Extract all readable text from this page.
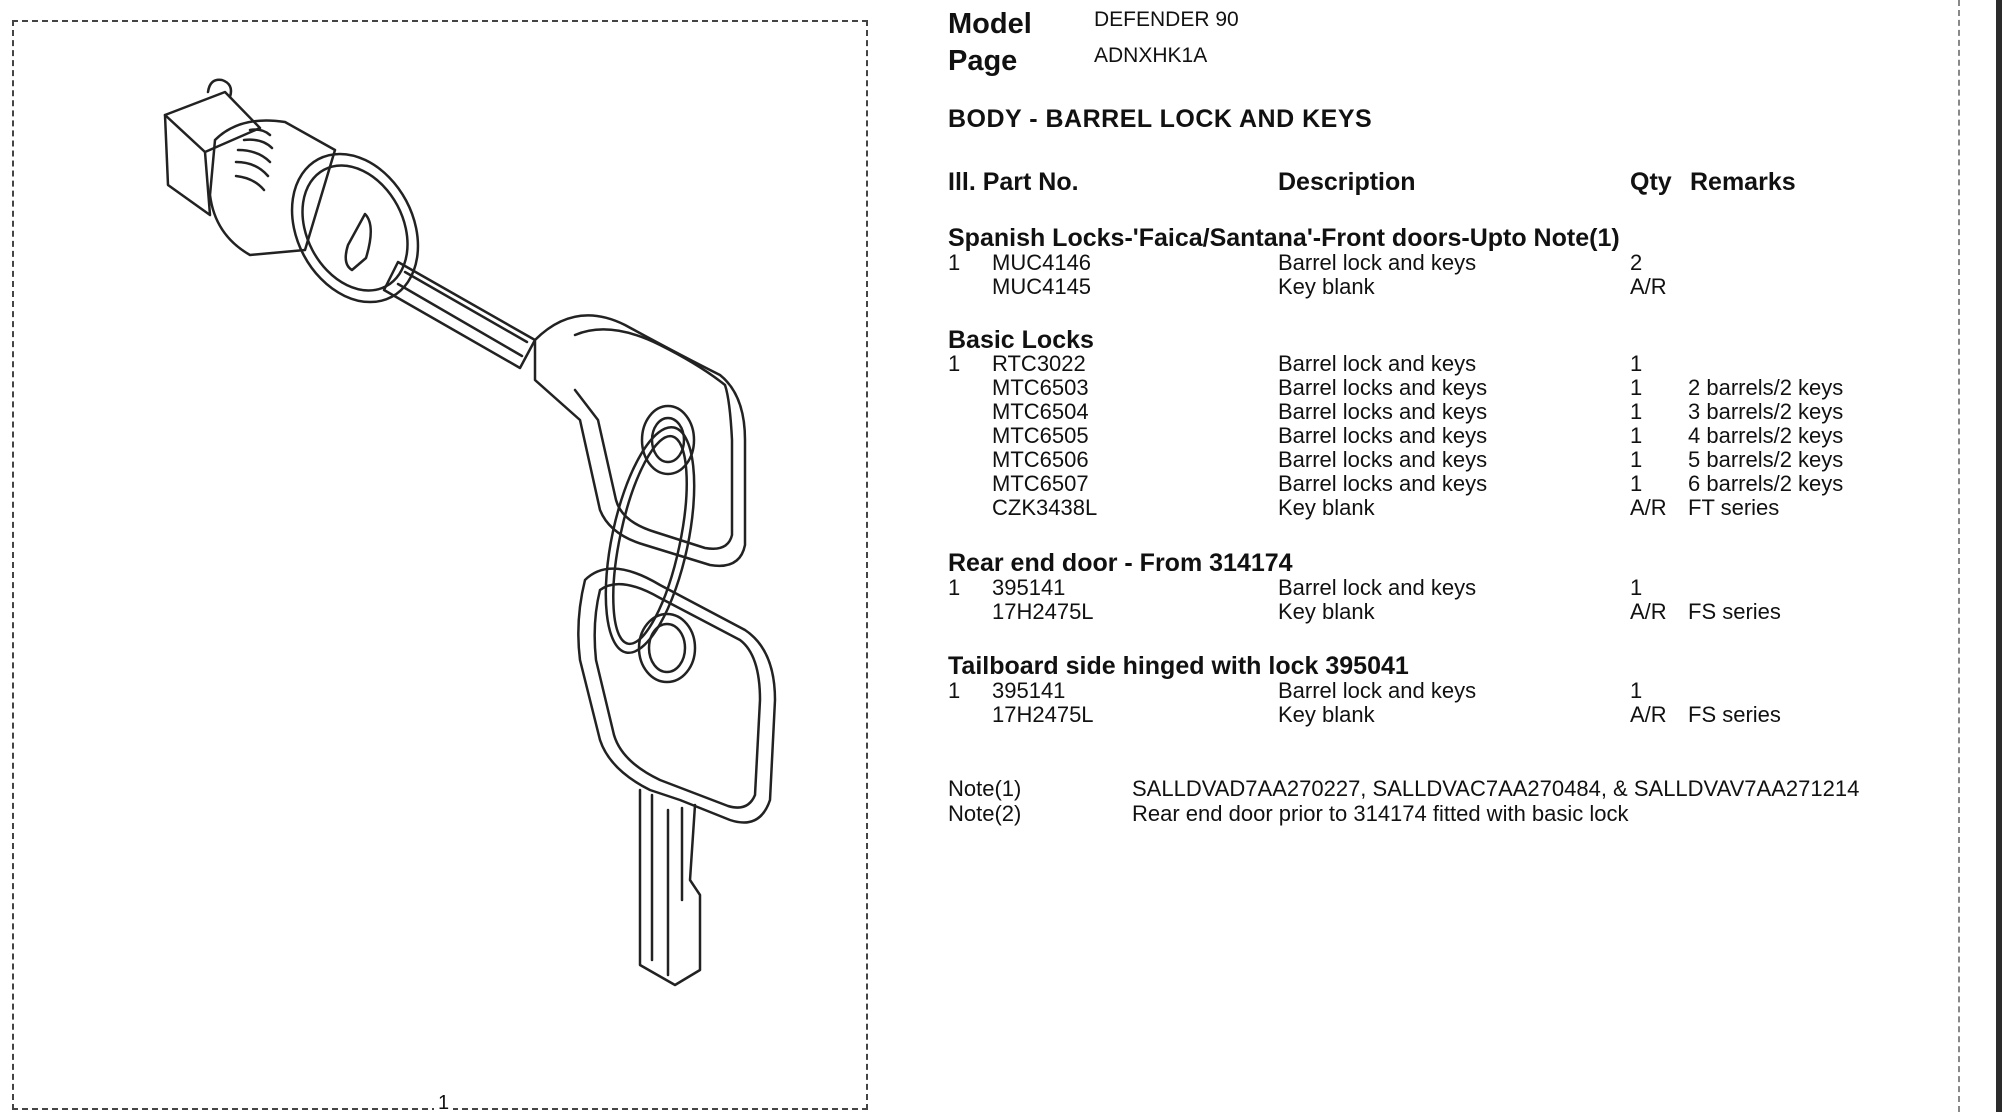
1
Model	DEFENDER 90
Page	ADNXHK1A
BODY - BARREL LOCK AND KEYS
Ill. Part No.	Description	Qty Remarks
Spanish Locks-'Faica/Santana'-Front doors-Upto Note(1)
1 MUC4146	Barrel lock and keys	2
MUC4145	Key blank	A/R
Basic Locks
1 RTC3022	Barrel lock and keys	1
MTC6503	Barrel locks and keys	1 2 barrels/2 keys
MTC6504	Barrel locks and keys	1 3 barrels/2 keys
MTC6505	Barrel locks and keys	1 4 barrels/2 keys
MTC6506	Barrel locks and keys	1 5 barrels/2 keys
MTC6507	Barrel locks and keys	1 6 barrels/2 keys
CZK3438L	Key blank	A/R FT series
Rear end door - From 314174
1 395141	Barrel lock and keys	1
17H2475L	Key blank	A/R FS series
Tailboard side hinged with lock 395041
1 395141	Barrel lock and keys	1
17H2475L	Key blank	A/R FS series
Note(1)	SALLDVAD7AA270227, SALLDVAC7AA270484, & SALLDVAV7AA271214
Note(2)	Rear end door prior to 314174 fitted with basic lock
